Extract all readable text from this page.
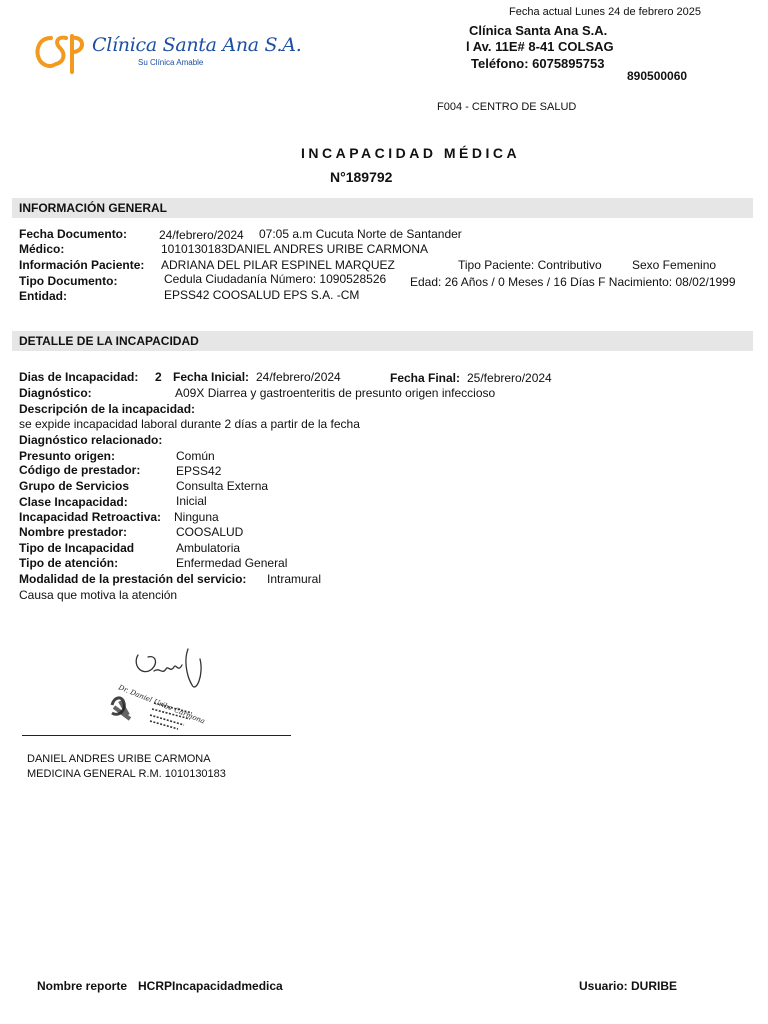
Fecha actual Lunes 24 de febrero 2025
Clínica Santa Ana S.A.
Su Clínica Amable
Clínica Santa Ana S.A.
l Av. 11E# 8-41 COLSAG
Teléfono: 6075895753
890500060
F004 - CENTRO DE SALUD
INCAPACIDAD MÉDICA
N°189792
INFORMACIÓN GENERAL
Fecha Documento:	24/febrero/2024 07:05 a.m Cucuta Norte de Santander
Médico:	1010130183DANIEL ANDRES URIBE CARMONA
Información Paciente: ADRIANA DEL PILAR ESPINEL MARQUEZ	Tipo Paciente: Contributivo	Sexo Femenino
Tipo Documento:	Cedula Ciudadanía Número: 1090528526 Edad: 26 Años / 0 Meses / 16 Días F Nacimiento: 08/02/1999
Entidad:	EPSS42 COOSALUD EPS S.A. -CM
DETALLE DE LA INCAPACIDAD
Dias de Incapacidad: 2 Fecha Inicial: 24/febrero/2024	Fecha Final: 25/febrero/2024
Diagnóstico:	A09X Diarrea y gastroenteritis de presunto origen infeccioso
Descripción de la incapacidad:
se expide incapacidad laboral durante 2 días a partir de la fecha
Diagnóstico relacionado:
Presunto origen:	Común
Código de prestador:	EPSS42
Grupo de Servicios	Consulta Externa
Clase Incapacidad:	Inicial
Incapacidad Retroactiva: Ninguna
Nombre prestador:	COOSALUD
Tipo de Incapacidad	Ambulatoria
Tipo de atención:	Enfermedad General
Modalidad de la prestación del servicio: Intramural
Causa que motiva la atención
Dr. Daniel Uribe Carmona
DANIEL ANDRES URIBE CARMONA
MEDICINA GENERAL R.M. 1010130183
Nombre reporte HCRPIncapacidadmedica	Usuario: DURIBE
